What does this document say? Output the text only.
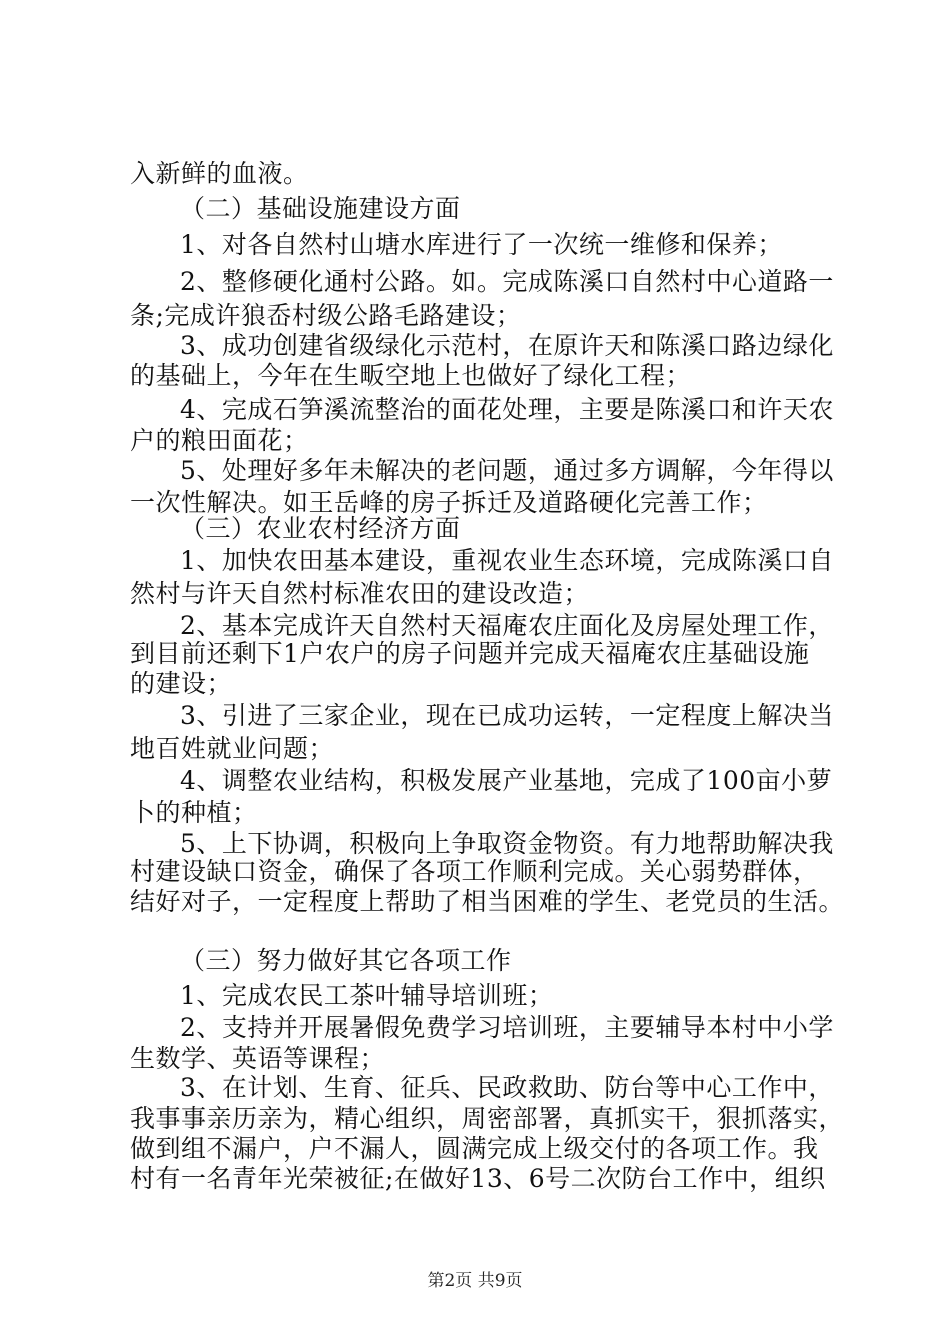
入新鲜的血液。
（二）基础设施建设方面
1、对各自然村山塘水库进行了一次统一维修和保养；
2、整修硬化通村公路。如。完成陈溪口自然村中心道路一
条;完成许狼岙村级公路毛路建设；
3、成功创建省级绿化示范村，在原许天和陈溪口路边绿化
的基础上，今年在生畈空地上也做好了绿化工程；
4、完成石笋溪流整治的面花处理，主要是陈溪口和许天农
户的粮田面花；
5、处理好多年未解决的老问题，通过多方调解，今年得以
一次性解决。如王岳峰的房子拆迁及道路硬化完善工作；
（三）农业农村经济方面
1、加快农田基本建设，重视农业生态环境，完成陈溪口自
然村与许天自然村标准农田的建设改造；
2、基本完成许天自然村天福庵农庄面化及房屋处理工作，
到目前还剩下1户农户的房子问题并完成天福庵农庄基础设施
的建设；
3、引进了三家企业，现在已成功运转，一定程度上解决当
地百姓就业问题；
4、调整农业结构，积极发展产业基地，完成了100亩小萝
卜的种植；
5、上下协调，积极向上争取资金物资。有力地帮助解决我
村建设缺口资金，确保了各项工作顺利完成。关心弱势群体，
结好对子，一定程度上帮助了相当困难的学生、老党员的生活。
（三）努力做好其它各项工作
1、完成农民工茶叶辅导培训班；
2、支持并开展暑假免费学习培训班，主要辅导本村中小学
生数学、英语等课程；
3、在计划、生育、征兵、民政救助、防台等中心工作中，
我事事亲历亲为，精心组织，周密部署，真抓实干，狠抓落实，
做到组不漏户，户不漏人，圆满完成上级交付的各项工作。我
村有一名青年光荣被征;在做好13、6号二次防台工作中，组织
第2页 共9页
